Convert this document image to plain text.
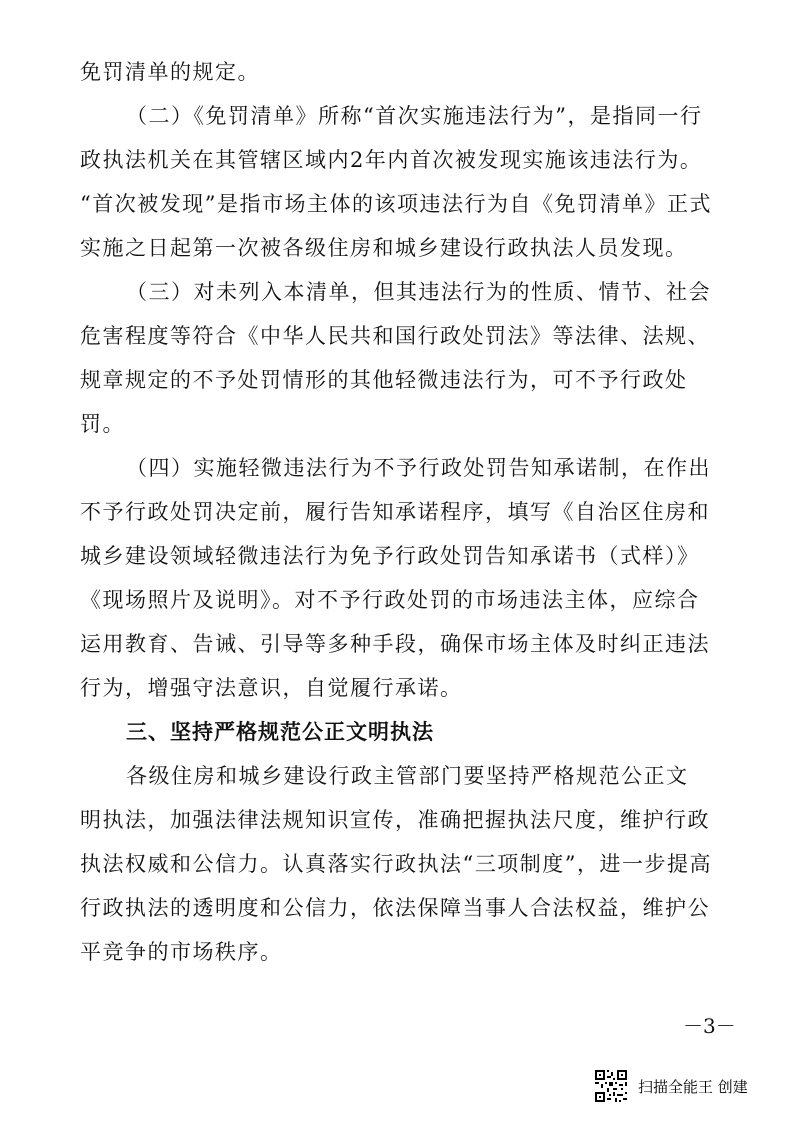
免罚清单的规定。
（二）《免罚清单》所称“首次实施违法行为”，是指同一行
政执法机关在其管辖区域内2年内首次被发现实施该违法行为。
“首次被发现”是指市场主体的该项违法行为自《免罚清单》正式
实施之日起第一次被各级住房和城乡建设行政执法人员发现。
（三）对未列入本清单，但其违法行为的性质、情节、社会
危害程度等符合《中华人民共和国行政处罚法》等法律、法规、
规章规定的不予处罚情形的其他轻微违法行为，可不予行政处
罚。
（四）实施轻微违法行为不予行政处罚告知承诺制，在作出
不予行政处罚决定前，履行告知承诺程序，填写《自治区住房和
城乡建设领域轻微违法行为免予行政处罚告知承诺书（式样）》
《现场照片及说明》。对不予行政处罚的市场违法主体，应综合
运用教育、告诫、引导等多种手段，确保市场主体及时纠正违法
行为，增强守法意识，自觉履行承诺。
三、坚持严格规范公正文明执法
各级住房和城乡建设行政主管部门要坚持严格规范公正文
明执法，加强法律法规知识宣传，准确把握执法尺度，维护行政
执法权威和公信力。认真落实行政执法“三项制度”，进一步提高
行政执法的透明度和公信力，依法保障当事人合法权益，维护公
平竞争的市场秩序。
－3－
扫描全能王 创建
